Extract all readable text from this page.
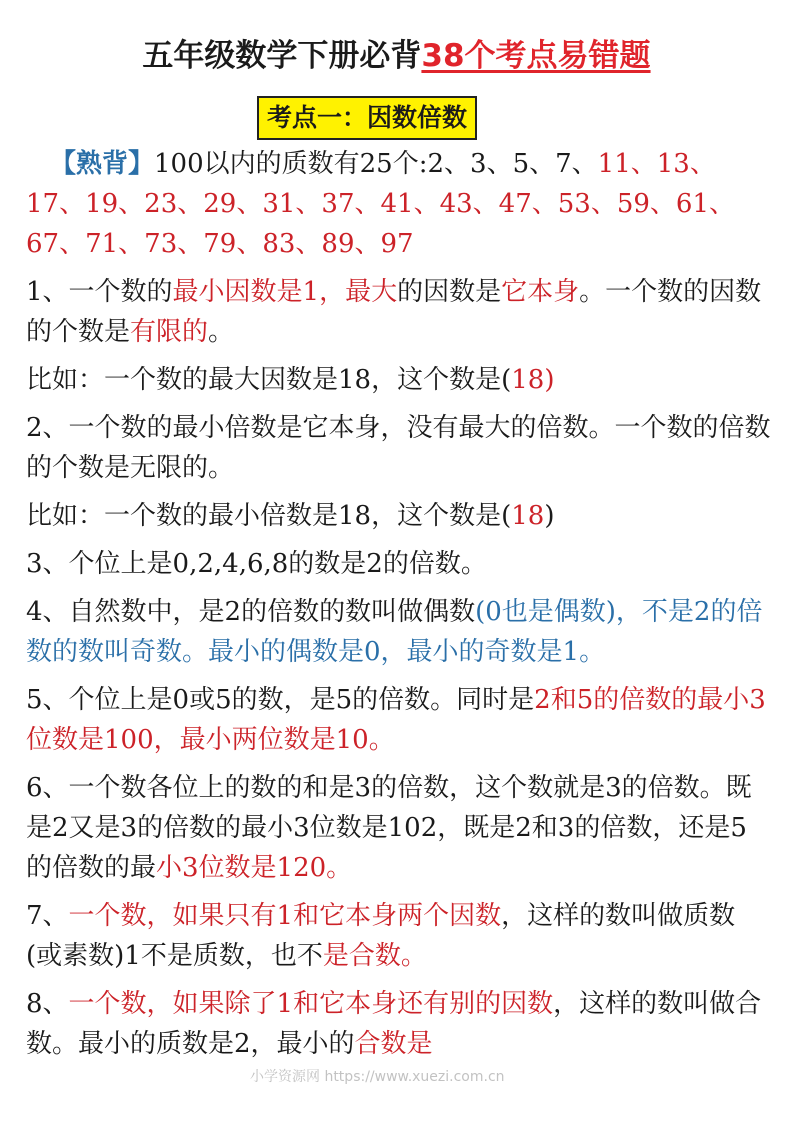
五年级数学下册必背38个考点易错题
考点一：因数倍数

【熟背】100以内的质数有25个:2、3、5、7、11、13、17、19、23、29、31、37、41、43、47、53、59、61、67、71、73、79、83、89、97

1、一个数的最小因数是1，最大的因数是它本身。一个数的因数的个数是有限的。

比如：一个数的最大因数是18，这个数是(18)

2、一个数的最小倍数是它本身，没有最大的倍数。一个数的倍数的个数是无限的。

比如：一个数的最小倍数是18，这个数是(18)

3、个位上是0,2,4,6,8的数是2的倍数。

4、自然数中，是2的倍数的数叫做偶数(0也是偶数)，不是2的倍数的数叫奇数。最小的偶数是0，最小的奇数是1。

5、个位上是0或5的数，是5的倍数。同时是2和5的倍数的最小3位数是100，最小两位数是10。

6、一个数各位上的数的和是3的倍数，这个数就是3的倍数。既是2又是3的倍数的最小3位数是102，既是2和3的倍数，还是5的倍数的最小3位数是120。

7、一个数，如果只有1和它本身两个因数，这样的数叫做质数(或素数)1不是质数，也不是合数。

8、一个数，如果除了1和它本身还有别的因数，这样的数叫做合数。最小的质数是2，最小的合数是

小学资源网 https://www.xuezi.com.cn
